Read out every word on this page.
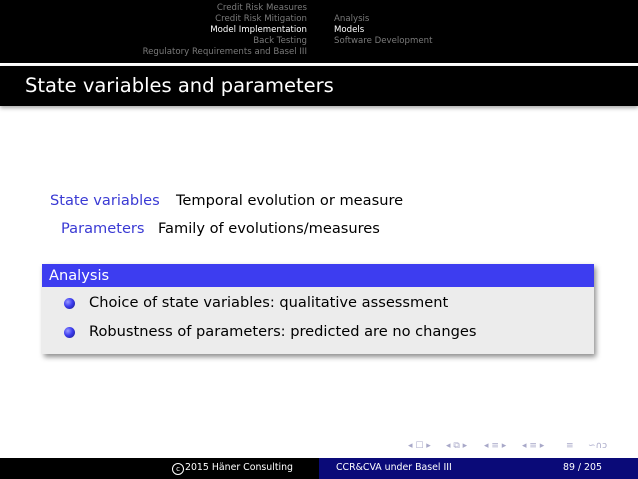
Credit Risk Measures
Credit Risk Mitigation
Model Implementation
Back Testing
Regulatory Requirements and Basel III
Analysis
Models
Software Development
State variables and parameters
State variables Temporal evolution or measure
Parameters Family of evolutions/measures
Analysis
Choice of state variables: qualitative assessment
Robustness of parameters: predicted are no changes
◂ ☐ ▸ ◂ ⧉ ▸ ◂ ≡ ▸ ◂ ≡ ▸ ≡ ∽∩ↄ
c 2015 Häner Consulting	CCR&CVA under Basel III	89 / 205
